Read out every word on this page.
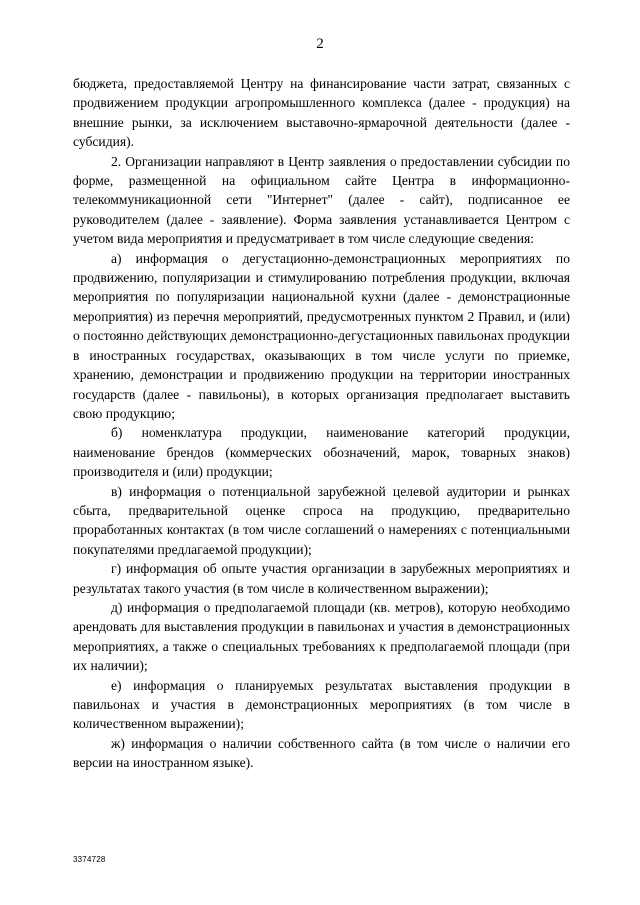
2

бюджета, предоставляемой Центру на финансирование части затрат, связанных с продвижением продукции агропромышленного комплекса (далее - продукция) на внешние рынки, за исключением выставочно-ярмарочной деятельности (далее - субсидия).

2. Организации направляют в Центр заявления о предоставлении субсидии по форме, размещенной на официальном сайте Центра в информационно-телекоммуникационной сети "Интернет" (далее - сайт), подписанное ее руководителем (далее - заявление). Форма заявления устанавливается Центром с учетом вида мероприятия и предусматривает в том числе следующие сведения:

а) информация о дегустационно-демонстрационных мероприятиях по продвижению, популяризации и стимулированию потребления продукции, включая мероприятия по популяризации национальной кухни (далее - демонстрационные мероприятия) из перечня мероприятий, предусмотренных пунктом 2 Правил, и (или) о постоянно действующих демонстрационно-дегустационных павильонах продукции в иностранных государствах, оказывающих в том числе услуги по приемке, хранению, демонстрации и продвижению продукции на территории иностранных государств (далее - павильоны), в которых организация предполагает выставить свою продукцию;

б) номенклатура продукции, наименование категорий продукции, наименование брендов (коммерческих обозначений, марок, товарных знаков) производителя и (или) продукции;

в) информация о потенциальной зарубежной целевой аудитории и рынках сбыта, предварительной оценке спроса на продукцию, предварительно проработанных контактах (в том числе соглашений о намерениях с потенциальными покупателями предлагаемой продукции);

г) информация об опыте участия организации в зарубежных мероприятиях и результатах такого участия (в том числе в количественном выражении);

д) информация о предполагаемой площади (кв. метров), которую необходимо арендовать для выставления продукции в павильонах и участия в демонстрационных мероприятиях, а также о специальных требованиях к предполагаемой площади (при их наличии);

е) информация о планируемых результатах выставления продукции в павильонах и участия в демонстрационных мероприятиях (в том числе в количественном выражении);

ж) информация о наличии собственного сайта (в том числе о наличии его версии на иностранном языке).

3374728
